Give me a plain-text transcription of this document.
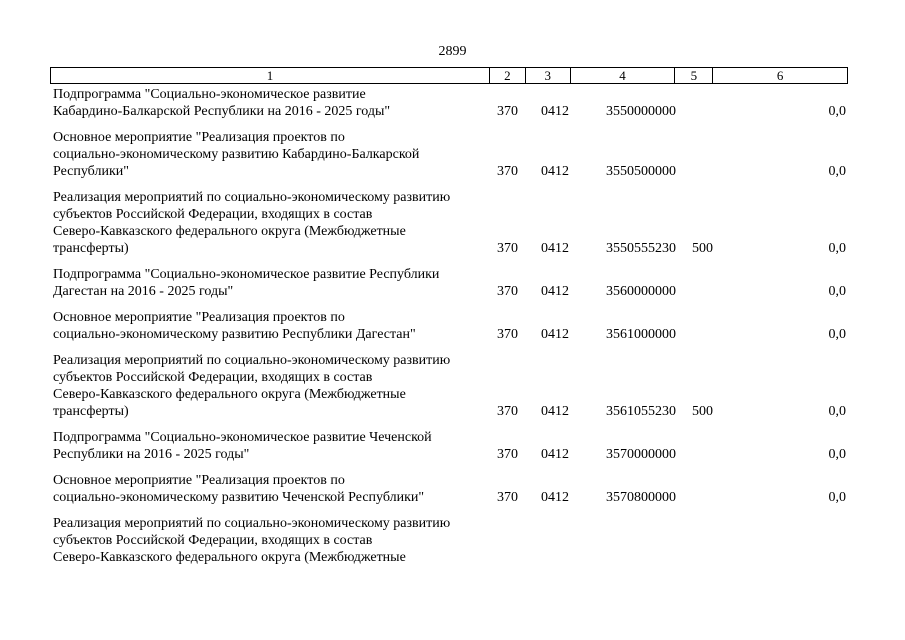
2899
1	2	3	4	5	6
Подпрограмма "Социально-экономическое развитие
Кабардино-Балкарской Республики на 2016 - 2025 годы"	370 0412	3550000000	0,0
Основное мероприятие "Реализация проектов по
социально-экономическому развитию Кабардино-Балкарской
Республики"	370 0412	3550500000	0,0
Реализация мероприятий по социально-экономическому развитию
субъектов Российской Федерации, входящих в состав
Северо-Кавказского федерального округа (Межбюджетные
трансферты)	370 0412	3550555230 500	0,0
Подпрограмма "Социально-экономическое развитие Республики
Дагестан на 2016 - 2025 годы"	370 0412	3560000000	0,0
Основное мероприятие "Реализация проектов по
социально-экономическому развитию Республики Дагестан"	370 0412	3561000000	0,0
Реализация мероприятий по социально-экономическому развитию
субъектов Российской Федерации, входящих в состав
Северо-Кавказского федерального округа (Межбюджетные
трансферты)	370 0412	3561055230 500	0,0
Подпрограмма "Социально-экономическое развитие Чеченской
Республики на 2016 - 2025 годы"	370 0412	3570000000	0,0
Основное мероприятие "Реализация проектов по
социально-экономическому развитию Чеченской Республики"	370 0412	3570800000	0,0
Реализация мероприятий по социально-экономическому развитию
субъектов Российской Федерации, входящих в состав
Северо-Кавказского федерального округа (Межбюджетные
